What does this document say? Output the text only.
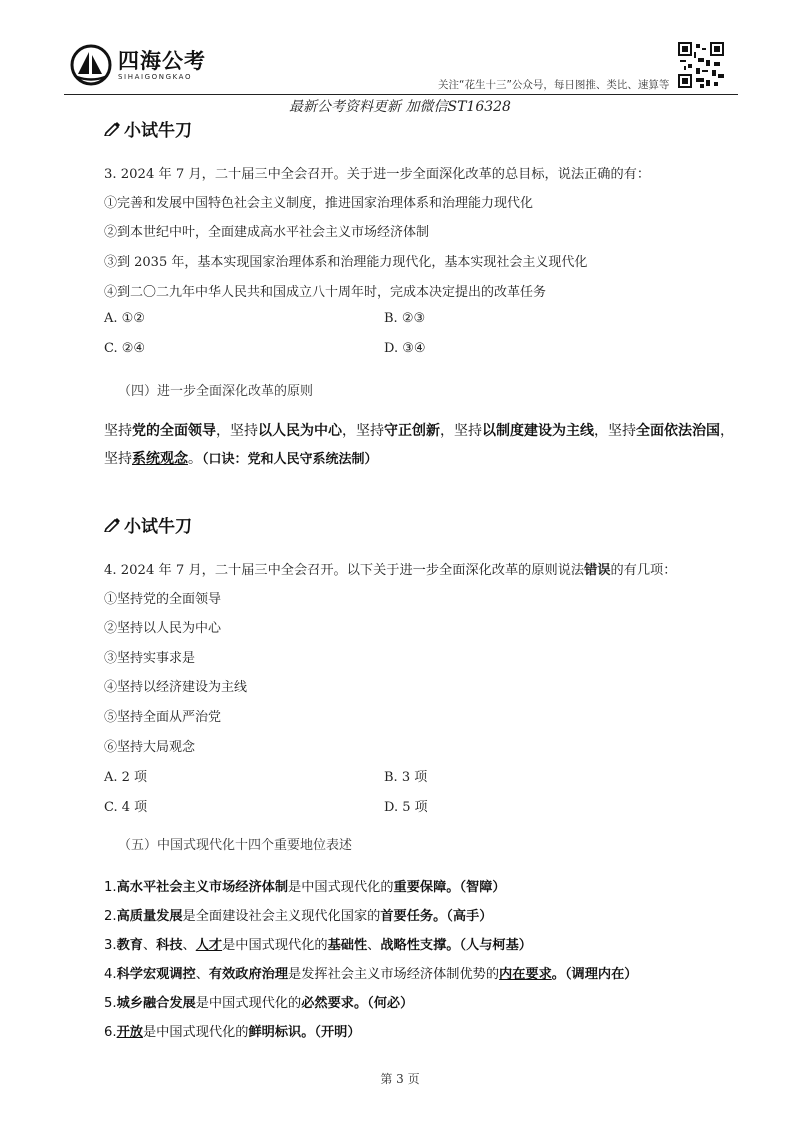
四海公考
SIHAIGONGKAO
关注“花生十三”公众号，每日图推、类比、速算等
最新公考资料更新 加微信ST16328
小试牛刀
3. 2024 年 7 月，二十届三中全会召开。关于进一步全面深化改革的总目标，说法正确的有：
①完善和发展中国特色社会主义制度，推进国家治理体系和治理能力现代化
②到本世纪中叶，全面建成高水平社会主义市场经济体制
③到 2035 年，基本实现国家治理体系和治理能力现代化，基本实现社会主义现代化
④到二〇二九年中华人民共和国成立八十周年时，完成本决定提出的改革任务
A. ①②	B. ②③
C. ②④	D. ③④
（四）进一步全面深化改革的原则
坚持党的全面领导，坚持以人民为中心，坚持守正创新，坚持以制度建设为主线，坚持全面依法治国，
坚持系统观念。（口诀：党和人民守系统法制）
小试牛刀
4. 2024 年 7 月，二十届三中全会召开。以下关于进一步全面深化改革的原则说法错误的有几项：
①坚持党的全面领导
②坚持以人民为中心
③坚持实事求是
④坚持以经济建设为主线
⑤坚持全面从严治党
⑥坚持大局观念
A. 2 项	B. 3 项
C. 4 项	D. 5 项
（五）中国式现代化十四个重要地位表述
1.高水平社会主义市场经济体制是中国式现代化的重要保障。（智障）
2.高质量发展是全面建设社会主义现代化国家的首要任务。（高手）
3.教育、科技、人才是中国式现代化的基础性、战略性支撑。（人与柯基）
4.科学宏观调控、有效政府治理是发挥社会主义市场经济体制优势的内在要求。（调理内在）
5.城乡融合发展是中国式现代化的必然要求。（何必）
6.开放是中国式现代化的鲜明标识。（开明）
第 3 页
